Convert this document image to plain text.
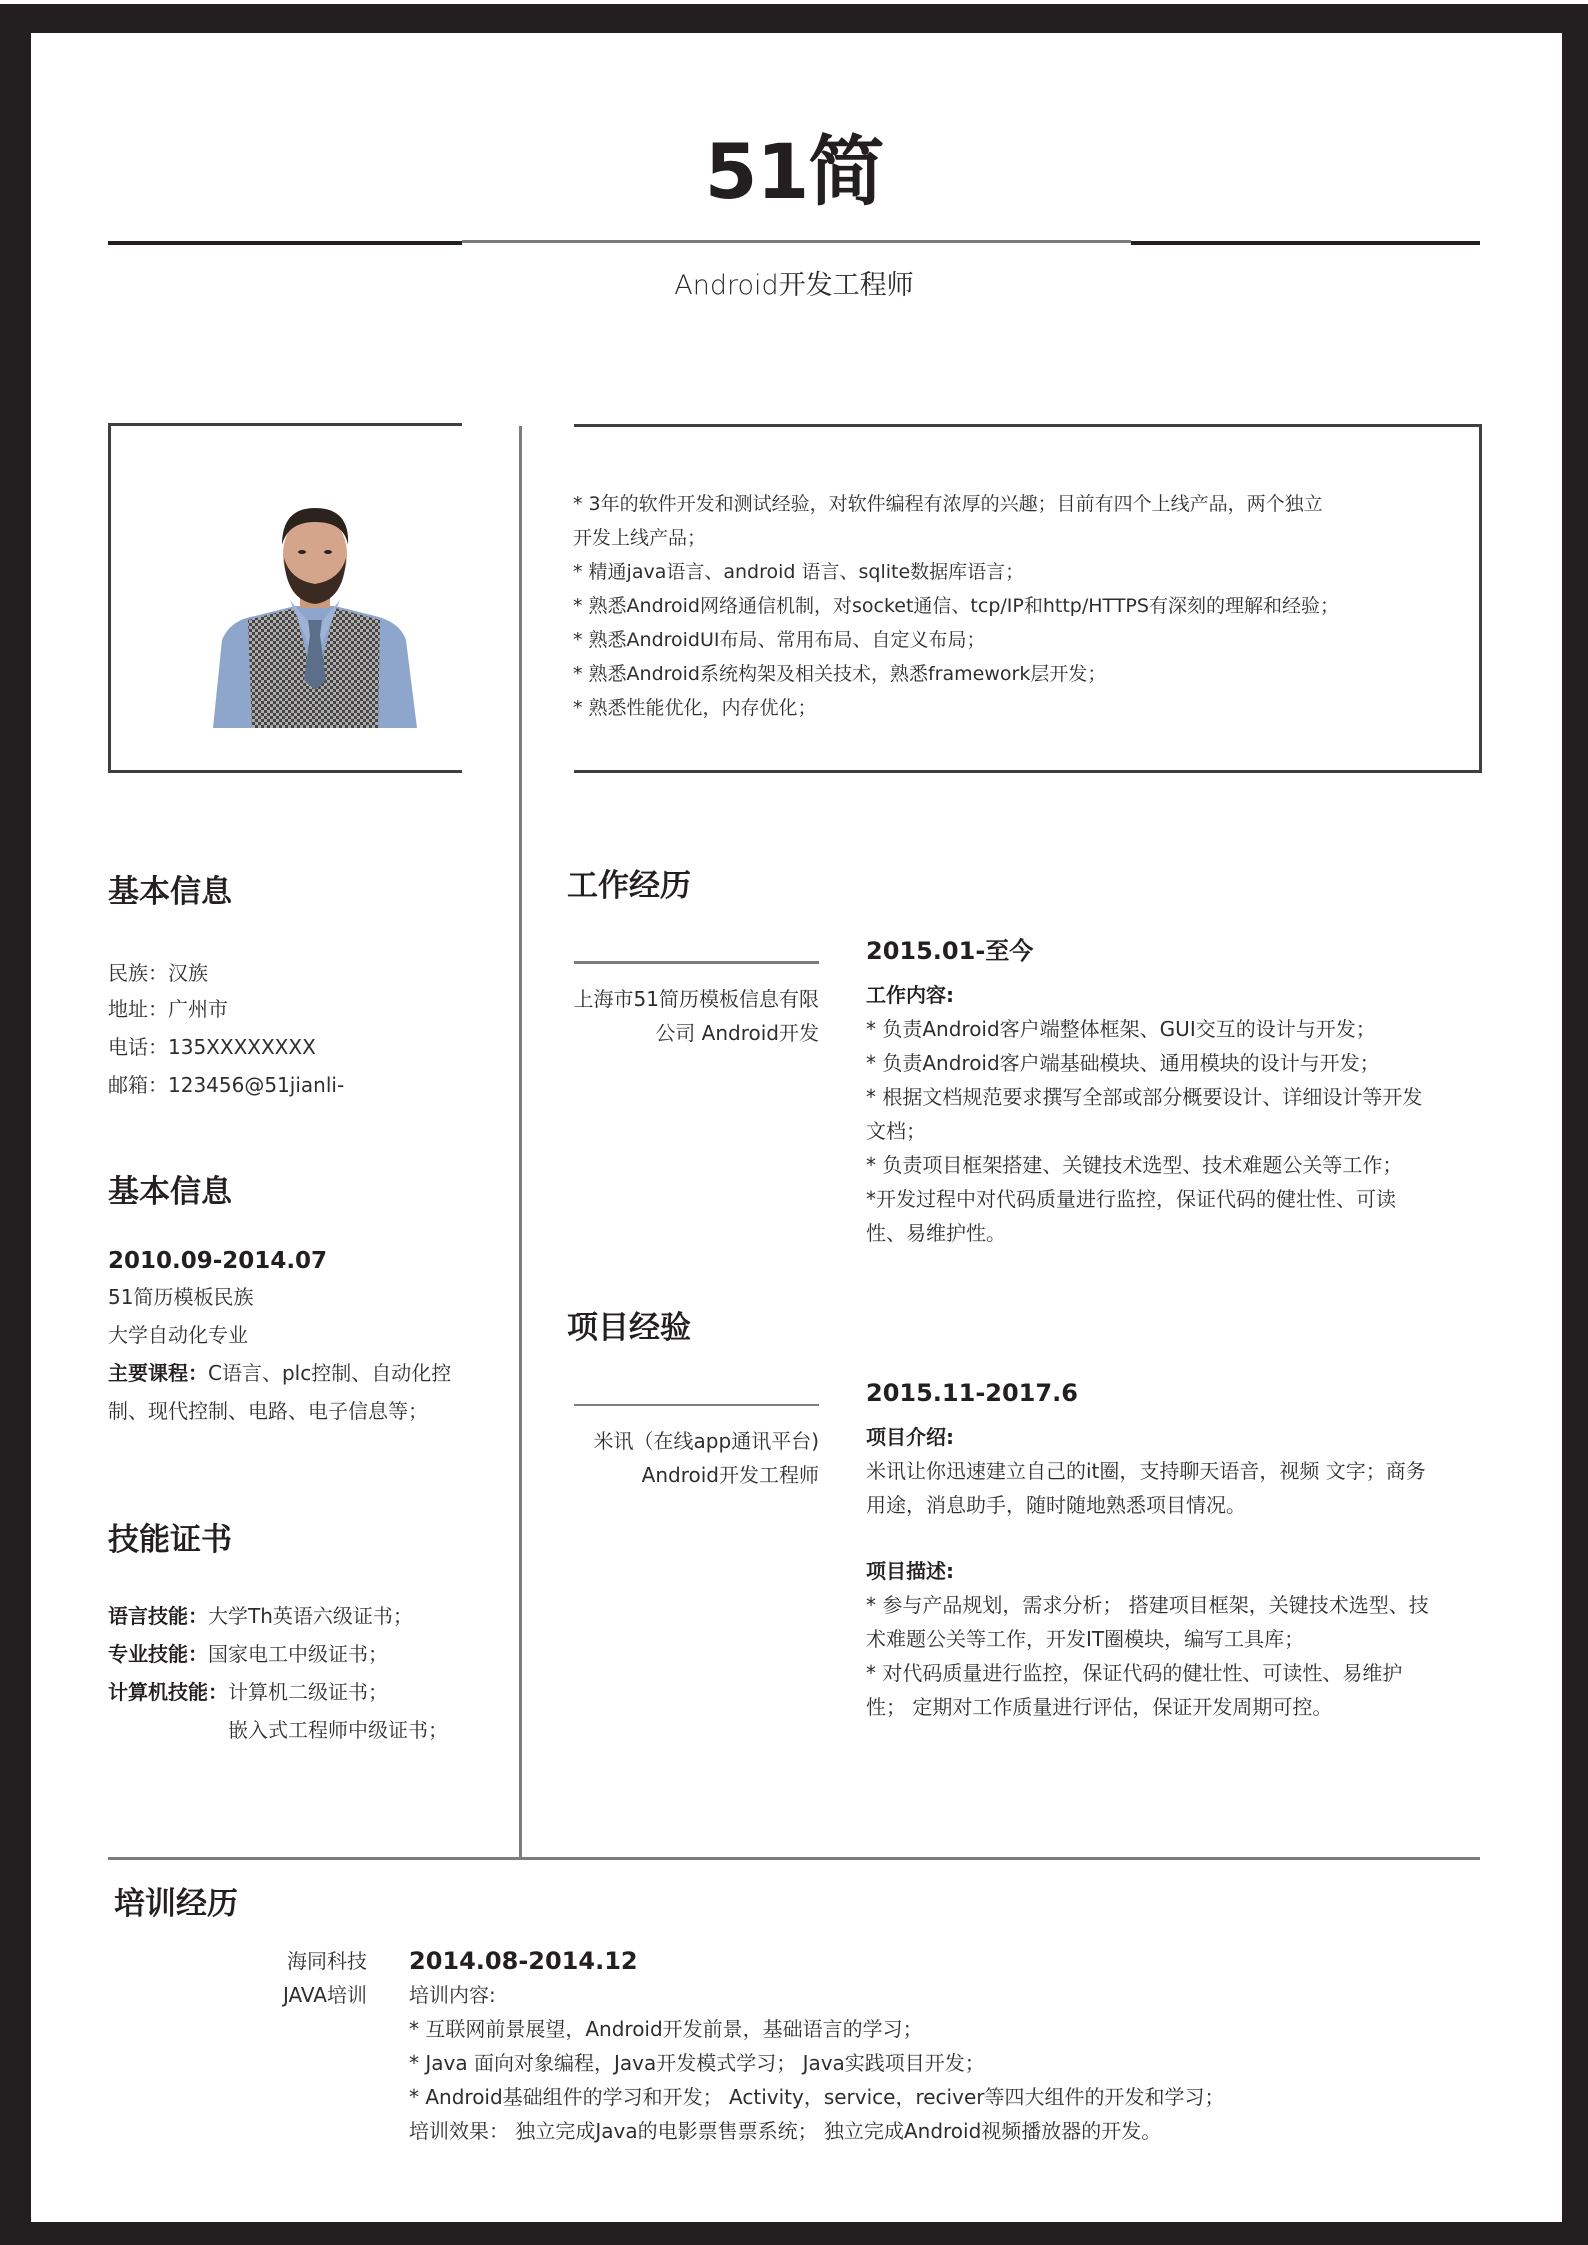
51简
Android开发工程师
* 3年的软件开发和测试经验，对软件编程有浓厚的兴趣；目前有四个上线产品，两个独立
开发上线产品；
* 精通java语言、android 语言、sqlite数据库语言；
* 熟悉Android网络通信机制，对socket通信、tcp/IP和http/HTTPS有深刻的理解和经验；
* 熟悉AndroidUI布局、常用布局、自定义布局；
* 熟悉Android系统构架及相关技术，熟悉framework层开发；
* 熟悉性能优化，内存优化；
基本信息
民族：汉族
地址：广州市
电话：135XXXXXXXX
邮箱：123456@51jianli-
基本信息
2010.09-2014.07
51简历模板民族
大学自动化专业
主要课程：C语言、plc控制、自动化控
制、现代控制、电路、电子信息等；
技能证书
语言技能：大学Th英语六级证书；
专业技能：国家电工中级证书；
计算机技能：计算机二级证书；
嵌入式工程师中级证书；
工作经历
上海市51简历模板信息有限
公司 Android开发
2015.01-至今
工作内容:
* 负责Android客户端整体框架、GUI交互的设计与开发；
* 负责Android客户端基础模块、通用模块的设计与开发；
* 根据文档规范要求撰写全部或部分概要设计、详细设计等开发
文档；
* 负责项目框架搭建、关键技术选型、技术难题公关等工作；
*开发过程中对代码质量进行监控，保证代码的健壮性、可读
性、易维护性。
项目经验
米讯（在线app通讯平台)
Android开发工程师
2015.11-2017.6
项目介绍:
米讯让你迅速建立自己的it圈，支持聊天语音，视频 文字；商务
用途，消息助手，随时随地熟悉项目情况。
项目描述:
* 参与产品规划，需求分析； 搭建项目框架，关键技术选型、技
术难题公关等工作，开发IT圈模块，编写工具库；
* 对代码质量进行监控，保证代码的健壮性、可读性、易维护
性； 定期对工作质量进行评估，保证开发周期可控。
培训经历
海同科技
JAVA培训
2014.08-2014.12
培训内容:
* 互联网前景展望，Android开发前景，基础语言的学习；
* Java 面向对象编程，Java开发模式学习； Java实践项目开发；
* Android基础组件的学习和开发； Activity，service，reciver等四大组件的开发和学习；
培训效果： 独立完成Java的电影票售票系统； 独立完成Android视频播放器的开发。
